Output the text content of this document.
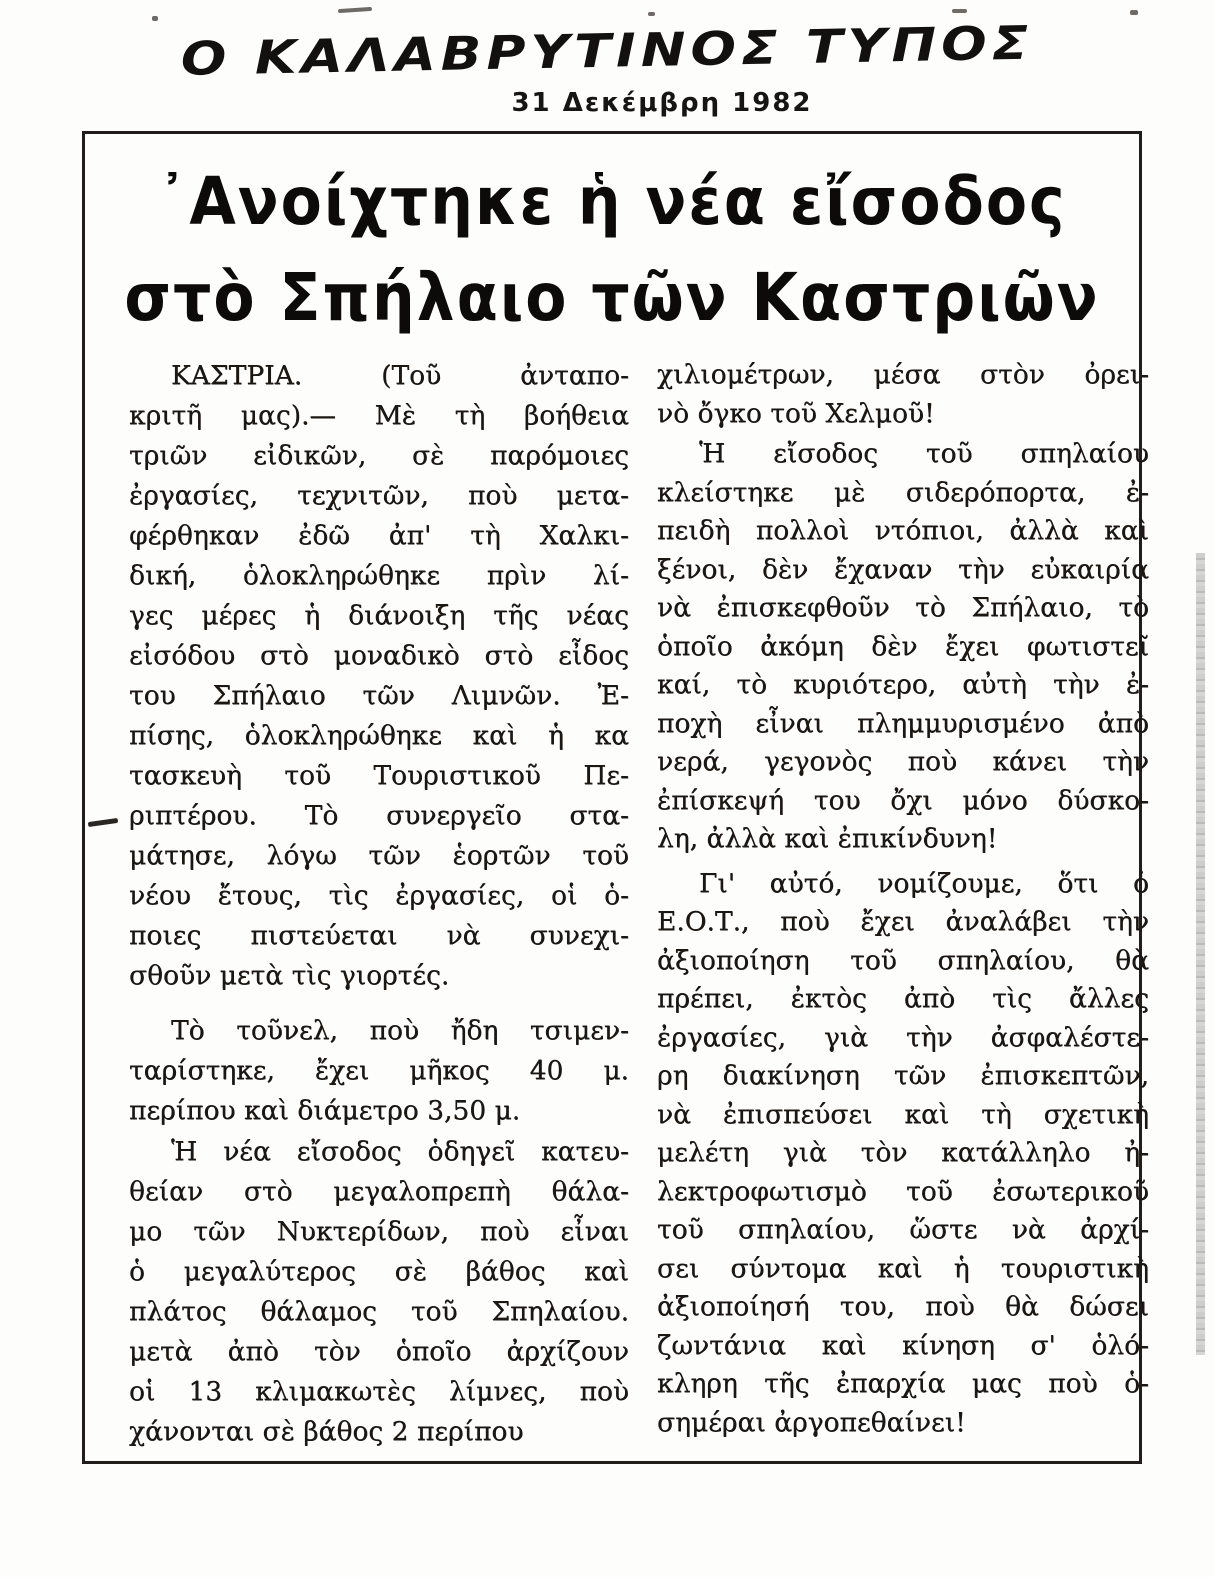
Ο ΚΑΛΑΒΡΥΤΙΝΟΣ ΤΥΠΟΣ
31 Δεκέμβρη 1982
᾿Ανοίχτηκε ἡ νέα εἴσοδος
στὸ Σπήλαιο τῶν Καστριῶν
ΚΑΣΤΡΙΑ. (Τοῦ ἀνταπο-
κριτῆ μας).— Μὲ τὴ βοήθεια
τριῶν εἰδικῶν, σὲ παρόμοιες
ἐργασίες, τεχνιτῶν, ποὺ μετα-
φέρθηκαν ἐδῶ ἀπ' τὴ Χαλκι-
δική, ὁλοκληρώθηκε πρὶν λί-
γες μέρες ἡ διάνοιξη τῆς νέας
εἰσόδου στὸ μοναδικὸ στὸ εἶδος
του Σπήλαιο τῶν Λιμνῶν. Ἐ-
πίσης, ὁλοκληρώθηκε καὶ ἡ κα
τασκευὴ τοῦ Τουριστικοῦ Πε-
ριπτέρου. Τὸ συνεργεῖο στα-
μάτησε, λόγω τῶν ἑορτῶν τοῦ
νέου ἔτους, τὶς ἐργασίες, οἱ ὁ-
ποιες πιστεύεται νὰ συνεχι-
σθοῦν μετὰ τὶς γιορτές.
Τὸ τοῦνελ, ποὺ ἤδη τσιμεν-
ταρίστηκε, ἔχει μῆκος 40 μ.
περίπου καὶ διάμετρο 3,50 μ.
Ἡ νέα εἴσοδος ὁδηγεῖ κατευ-
θείαν στὸ μεγαλοπρεπὴ θάλα-
μο τῶν Νυκτερίδων, ποὺ εἶναι
ὁ μεγαλύτερος σὲ βάθος καὶ
πλάτος θάλαμος τοῦ Σπηλαίου.
μετὰ ἀπὸ τὸν ὁποῖο ἀρχίζουν
οἱ 13 κλιμακωτὲς λίμνες, ποὺ
χάνονται σὲ βάθος 2 περίπου
χιλιομέτρων, μέσα στὸν ὀρει-
νὸ ὄγκο τοῦ Χελμοῦ!
Ἡ εἴσοδος τοῦ σπηλαίου
κλείστηκε μὲ σιδερόπορτα, ἐ-
πειδὴ πολλοὶ ντόπιοι, ἀλλὰ καὶ
ξένοι, δὲν ἔχαναν τὴν εὐκαιρία
νὰ ἐπισκεφθοῦν τὸ Σπήλαιο, τὸ
ὁποῖο ἀκόμη δὲν ἔχει φωτιστεῖ
καί, τὸ κυριότερο, αὐτὴ τὴν ἐ-
ποχὴ εἶναι πλημμυρισμένο ἀπὸ
νερά, γεγονὸς ποὺ κάνει τὴν
ἐπίσκεψή του ὄχι μόνο δύσκο-
λη, ἀλλὰ καὶ ἐπικίνδυνη!
Γι' αὐτό, νομίζουμε, ὅτι ὁ
Ε.Ο.Τ., ποὺ ἔχει ἀναλάβει τὴν
ἀξιοποίηση τοῦ σπηλαίου, θὰ
πρέπει, ἐκτὸς ἀπὸ τὶς ἄλλες
ἐργασίες, γιὰ τὴν ἀσφαλέστε-
ρη διακίνηση τῶν ἐπισκεπτῶν,
νὰ ἐπισπεύσει καὶ τὴ σχετικὴ
μελέτη γιὰ τὸν κατάλληλο ἠ-
λεκτροφωτισμὸ τοῦ ἐσωτερικοῦ
τοῦ σπηλαίου, ὥστε νὰ ἀρχί-
σει σύντομα καὶ ἡ τουριστικὴ
ἀξιοποίησή του, ποὺ θὰ δώσει
ζωντάνια καὶ κίνηση σ' ὁλό-
κληρη τῆς ἐπαρχία μας ποὺ ὁ-
σημέραι ἀργοπεθαίνει!
